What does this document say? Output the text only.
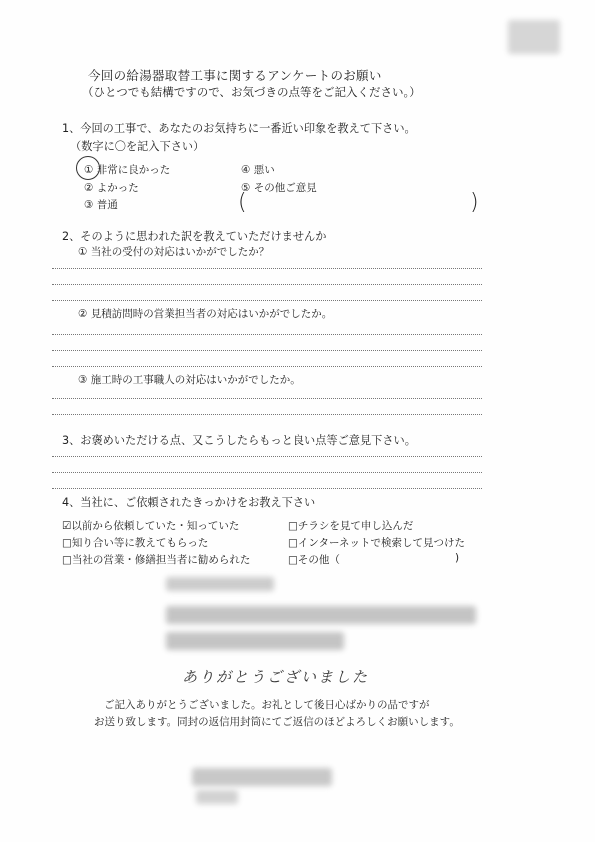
今回の給湯器取替工事に関するアンケートのお願い
（ひとつでも結構ですので、お気づきの点等をご記入ください。）
1、今回の工事で、あなたのお気持ちに一番近い印象を教えて下さい。
（数字に〇を記入下さい）
① 非常に良かった
② よかった
③ 普通
④ 悪い
⑤ その他ご意見
(	)
2、そのように思われた訳を教えていただけませんか
① 当社の受付の対応はいかがでしたか？
② 見積訪問時の営業担当者の対応はいかがでしたか。
③ 施工時の工事職人の対応はいかがでしたか。
3、お褒めいただける点、又こうしたらもっと良い点等ご意見下さい。
4、当社に、ご依頼されたきっかけをお教え下さい
☑以前から依頼していた・知っていた
□知り合い等に教えてもらった
□当社の営業・修繕担当者に勧められた
□チラシを見て申し込んだ
□インターネットで検索して見つけた
□その他（	)
ありがとうございました
ご記入ありがとうございました。お礼として後日心ばかりの品ですが
お送り致します。同封の返信用封筒にてご返信のほどよろしくお願いします。
